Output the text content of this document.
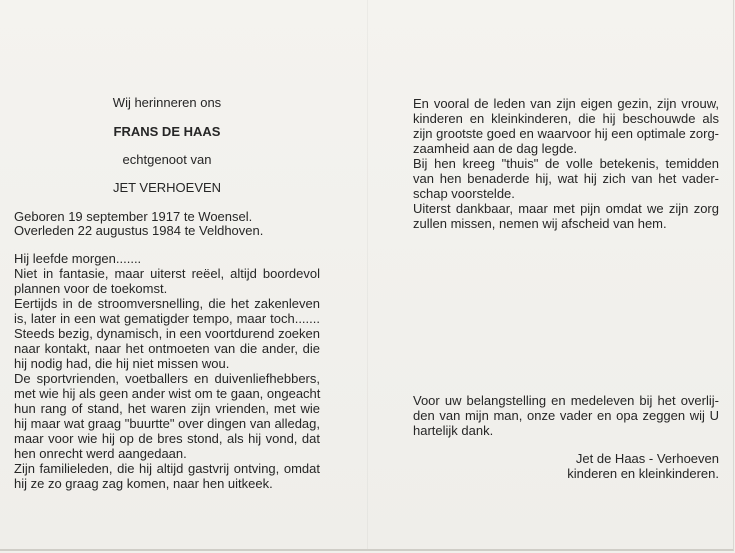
Wij herinneren ons
FRANS DE HAAS
echtgenoot van
JET VERHOEVEN
Geboren 19 september 1917 te Woensel.
Overleden 22 augustus 1984 te Veldhoven.
Hij leefde morgen.......
Niet in fantasie, maar uiterst reëel, altijd boordevol
plannen voor de toekomst.
Eertijds in de stroomversnelling, die het zakenleven
is, later in een wat gematigder tempo, maar toch.......
Steeds bezig, dynamisch, in een voortdurend zoeken
naar kontakt, naar het ontmoeten van die ander, die
hij nodig had, die hij niet missen wou.
De sportvrienden, voetballers en duivenliefhebbers,
met wie hij als geen ander wist om te gaan, ongeacht
hun rang of stand, het waren zijn vrienden, met wie
hij maar wat graag "buurtte" over dingen van alledag,
maar voor wie hij op de bres stond, als hij vond, dat
hen onrecht werd aangedaan.
Zijn familieleden, die hij altijd gastvrij ontving, omdat
hij ze zo graag zag komen, naar hen uitkeek.
En vooral de leden van zijn eigen gezin, zijn vrouw,
kinderen en kleinkinderen, die hij beschouwde als
zijn grootste goed en waarvoor hij een optimale zorg-
zaamheid aan de dag legde.
Bij hen kreeg "thuis" de volle betekenis, temidden
van hen benaderde hij, wat hij zich van het vader-
schap voorstelde.
Uiterst dankbaar, maar met pijn omdat we zijn zorg
zullen missen, nemen wij afscheid van hem.
Voor uw belangstelling en medeleven bij het overlij-
den van mijn man, onze vader en opa zeggen wij U
hartelijk dank.
Jet de Haas - Verhoeven
kinderen en kleinkinderen.
